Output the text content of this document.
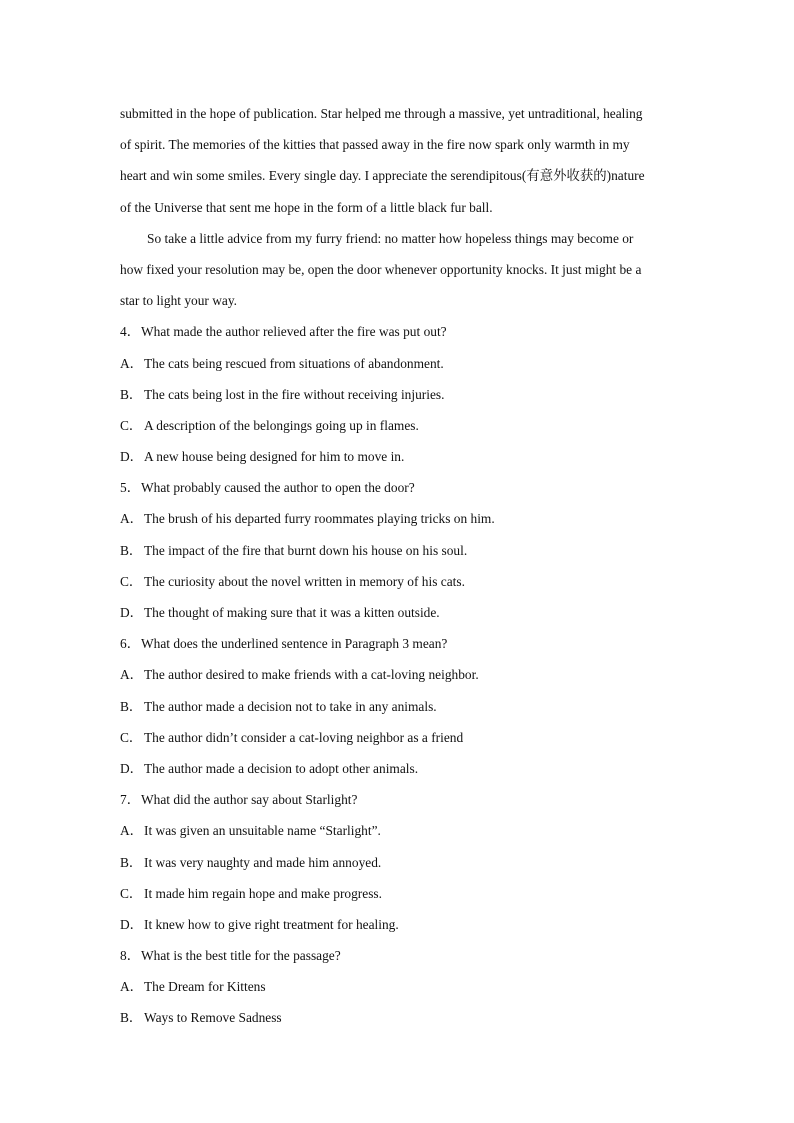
submitted in the hope of publication. Star helped me through a massive, yet untraditional, healing

of spirit. The memories of the kitties that passed away in the fire now spark only warmth in my

heart and win some smiles. Every single day. I appreciate the serendipitous(有意外收获的)nature

of the Universe that sent me hope in the form of a little black fur ball.

So take a little advice from my furry friend: no matter how hopeless things may become or

how fixed your resolution may be, open the door whenever opportunity knocks. It just might be a

star to light your way.

4．What made the author relieved after the fire was put out?

A．The cats being rescued from situations of abandonment.

B． The cats being lost in the fire without receiving injuries.

C． A description of the belongings going up in flames.

D．A new house being designed for him to move in.

5．What probably caused the author to open the door?

A．The brush of his departed furry roommates playing tricks on him.

B． The impact of the fire that burnt down his house on his soul.

C． The curiosity about the novel written in memory of his cats.

D．The thought of making sure that it was a kitten outside.

6．What does the underlined sentence in Paragraph 3 mean?

A．The author desired to make friends with a cat-loving neighbor.

B． The author made a decision not to take in any animals.

C． The author didn’t consider a cat-loving neighbor as a friend

D．The author made a decision to adopt other animals.

7．What did the author say about Starlight?

A．It was given an unsuitable name “Starlight”.

B． It was very naughty and made him annoyed.

C． It made him regain hope and make progress.

D．It knew how to give right treatment for healing.

8．What is the best title for the passage?

A．The Dream for Kittens

B． Ways to Remove Sadness
